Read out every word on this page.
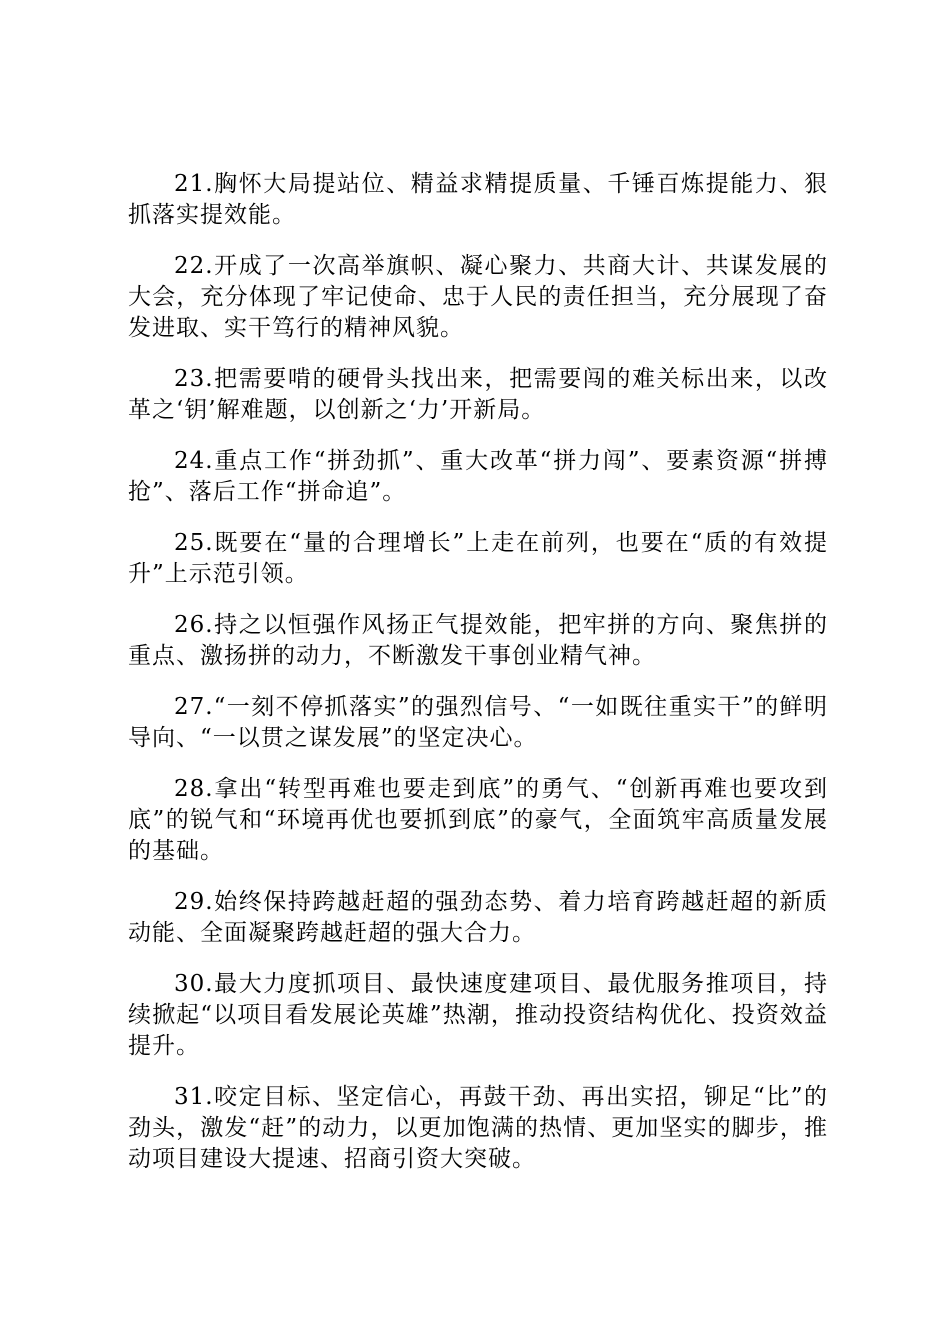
21.胸怀大局提站位、精益求精提质量、千锤百炼提能力、狠抓落实提效能。

22.开成了一次高举旗帜、凝心聚力、共商大计、共谋发展的大会，充分体现了牢记使命、忠于人民的责任担当，充分展现了奋发进取、实干笃行的精神风貌。

23.把需要啃的硬骨头找出来，把需要闯的难关标出来，以改革之‘钥’解难题，以创新之‘力’开新局。

24.重点工作“拼劲抓”、重大改革“拼力闯”、要素资源“拼搏抢”、落后工作“拼命追”。

25.既要在“量的合理增长”上走在前列，也要在“质的有效提升”上示范引领。

26.持之以恒强作风扬正气提效能，把牢拼的方向、聚焦拼的重点、激扬拼的动力，不断激发干事创业精气神。

27.“一刻不停抓落实”的强烈信号、“一如既往重实干”的鲜明导向、“一以贯之谋发展”的坚定决心。

28.拿出“转型再难也要走到底”的勇气、“创新再难也要攻到底”的锐气和“环境再优也要抓到底”的豪气，全面筑牢高质量发展的基础。

29.始终保持跨越赶超的强劲态势、着力培育跨越赶超的新质动能、全面凝聚跨越赶超的强大合力。

30.最大力度抓项目、最快速度建项目、最优服务推项目，持续掀起“以项目看发展论英雄”热潮，推动投资结构优化、投资效益提升。

31.咬定目标、坚定信心，再鼓干劲、再出实招，铆足“比”的劲头，激发“赶”的动力，以更加饱满的热情、更加坚实的脚步，推动项目建设大提速、招商引资大突破。
